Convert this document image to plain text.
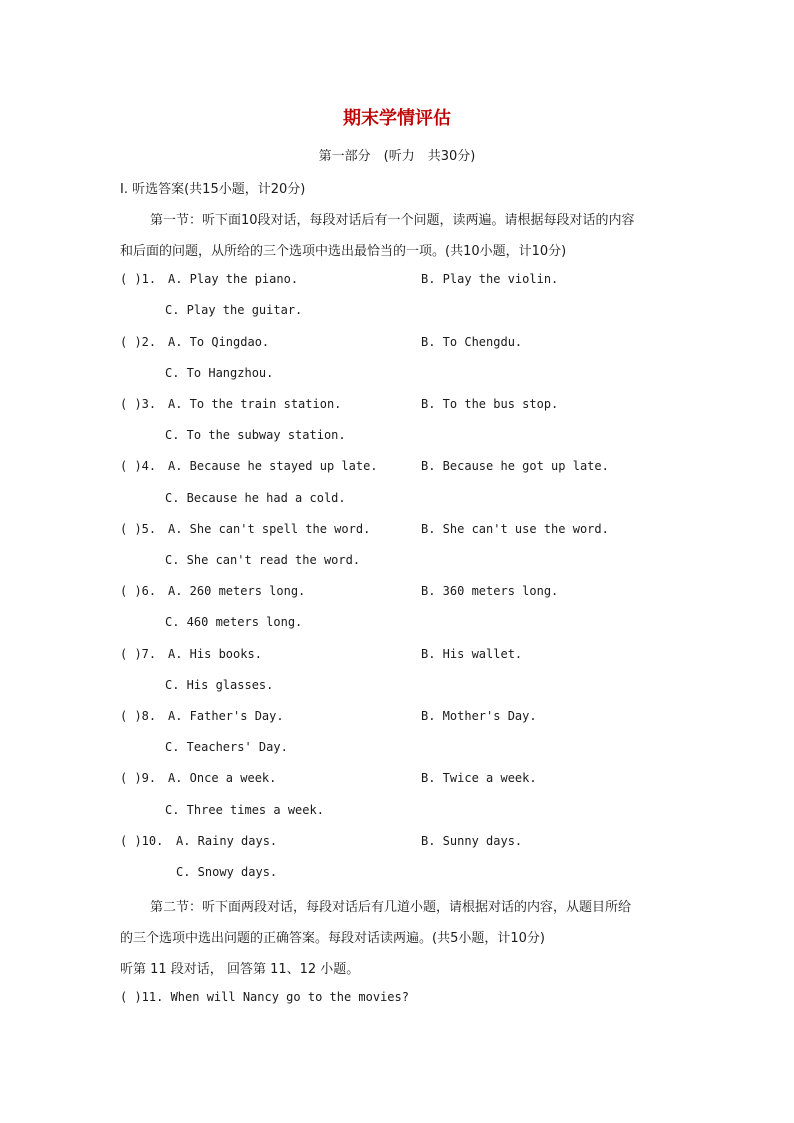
期末学情评估
第一部分　(听力　共30分)
Ⅰ. 听选答案(共15小题，计20分)
第一节：听下面10段对话，每段对话后有一个问题，读两遍。请根据每段对话的内容
和后面的问题，从所给的三个选项中选出最恰当的一项。(共10小题，计10分)
( )1. A. Play the piano.	B. Play the violin.
C. Play the guitar.
( )2. A. To Qingdao.	B. To Chengdu.
C. To Hangzhou.
( )3. A. To the train station.	B. To the bus stop.
C. To the subway station.
( )4. A. Because he stayed up late.	B. Because he got up late.
C. Because he had a cold.
( )5. A. She can't spell the word.	B. She can't use the word.
C. She can't read the word.
( )6. A. 260 meters long.	B. 360 meters long.
C. 460 meters long.
( )7. A. His books.	B. His wallet.
C. His glasses.
( )8. A. Father's Day.	B. Mother's Day.
C. Teachers' Day.
( )9. A. Once a week.	B. Twice a week.
C. Three times a week.
( )10. A. Rainy days.	B. Sunny days.
C. Snowy days.
第二节：听下面两段对话，每段对话后有几道小题，请根据对话的内容，从题目所给
的三个选项中选出问题的正确答案。每段对话读两遍。(共5小题，计10分)
听第 11 段对话， 回答第 11、12 小题。
( )11. When will Nancy go to the movies?
